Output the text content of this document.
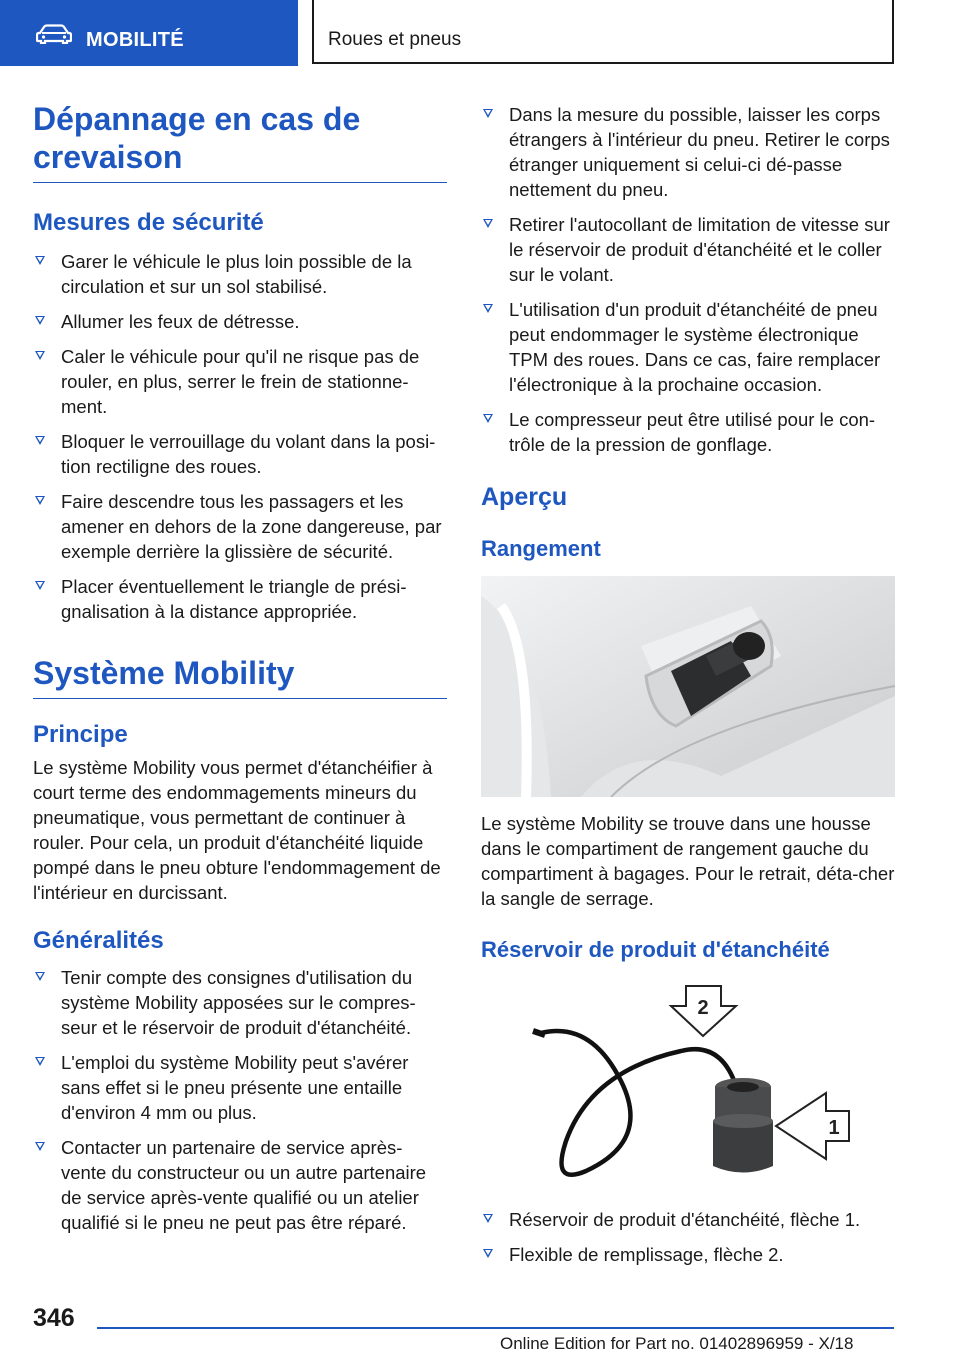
MOBILITÉ	Roues et pneus
Dépannage en cas de
crevaison
Mesures de sécurité
Garer le véhicule le plus loin possible de la circulation et sur un sol stabilisé.
Allumer les feux de détresse.
Caler le véhicule pour qu'il ne risque pas de rouler, en plus, serrer le frein de stationne-ment.
Bloquer le verrouillage du volant dans la posi-tion rectiligne des roues.
Faire descendre tous les passagers et les amener en dehors de la zone dangereuse, par exemple derrière la glissière de sécurité.
Placer éventuellement le triangle de prési-gnalisation à la distance appropriée.
Système Mobility
Principe

Le système Mobility vous permet d'étanchéifier à court terme des endommagements mineurs du pneumatique, vous permettant de continuer à rouler. Pour cela, un produit d'étanchéité liquide pompé dans le pneu obture l'endommagement de l'intérieur en durcissant.

Généralités
Tenir compte des consignes d'utilisation du système Mobility apposées sur le compres-seur et le réservoir de produit d'étanchéité.
L'emploi du système Mobility peut s'avérer sans effet si le pneu présente une entaille d'environ 4 mm ou plus.
Contacter un partenaire de service après-vente du constructeur ou un autre partenaire de service après-vente qualifié ou un atelier qualifié si le pneu ne peut pas être réparé.
Dans la mesure du possible, laisser les corps étrangers à l'intérieur du pneu. Retirer le corps étranger uniquement si celui-ci dé-passe nettement du pneu.
Retirer l'autocollant de limitation de vitesse sur le réservoir de produit d'étanchéité et le coller sur le volant.
L'utilisation d'un produit d'étanchéité de pneu peut endommager le système électronique TPM des roues. Dans ce cas, faire remplacer l'électronique à la prochaine occasion.
Le compresseur peut être utilisé pour le con-trôle de la pression de gonflage.
Aperçu
Rangement

Le système Mobility se trouve dans une housse dans le compartiment de rangement gauche du compartiment à bagages. Pour le retrait, déta-cher la sangle de serrage.

Réservoir de produit d'étanchéité
2
1
Réservoir de produit d'étanchéité, flèche 1.
Flexible de remplissage, flèche 2.
346
Online Edition for Part no. 01402896959 - X/18
